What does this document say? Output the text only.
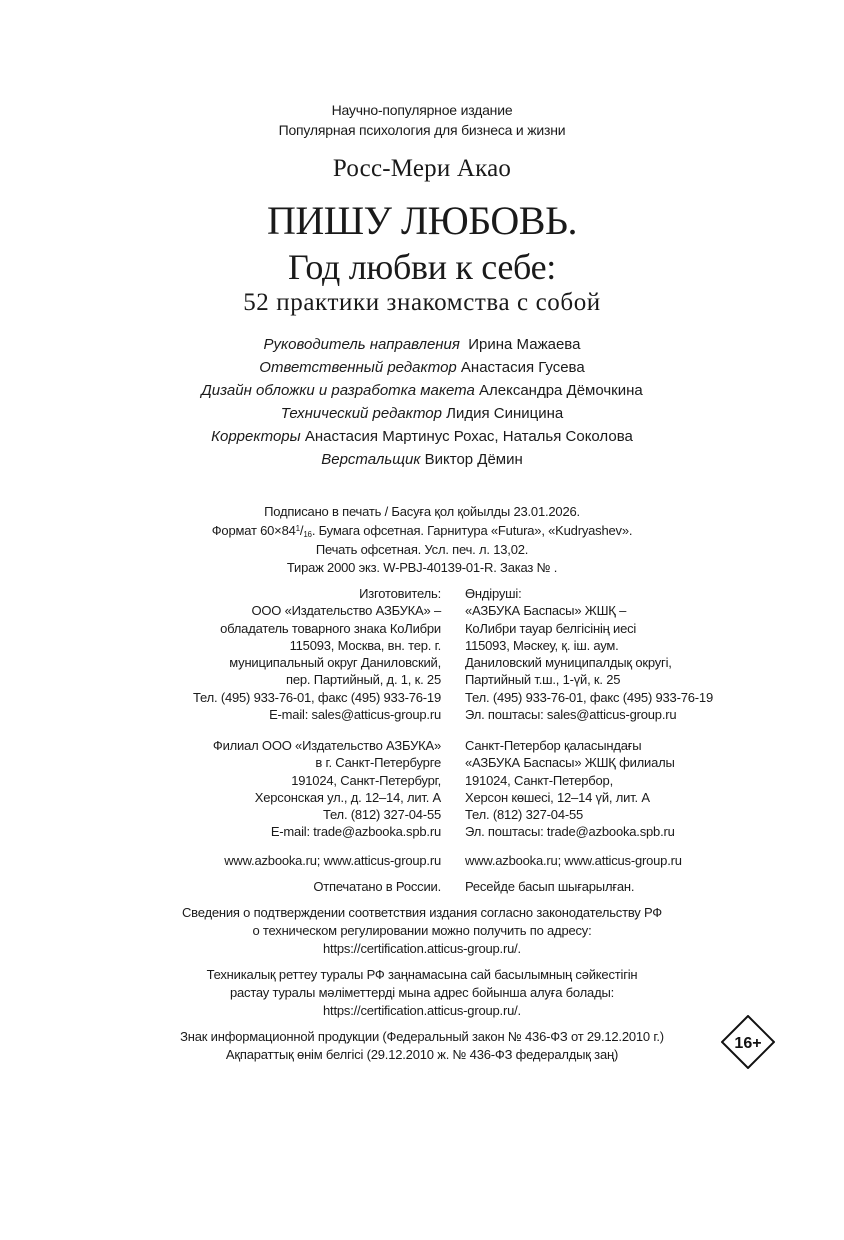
Научно-популярное издание
Популярная психология для бизнеса и жизни
Росс-Мери Акао
ПИШУ ЛЮБОВЬ.
Год любви к себе:
52 практики знакомства с собой
Руководитель направления Ирина Мажаева
Ответственный редактор Анастасия Гусева
Дизайн обложки и разработка макета Александра Дёмочкина
Технический редактор Лидия Синицина
Корректоры Анастасия Мартинус Рохас, Наталья Соколова
Верстальщик Виктор Дёмин
Подписано в печать / Басуға қол қойылды 23.01.2026.
Формат $60\times 84^1/_{16}$. Бумага офсетная. Гарнитура «Futura», «Kudryashev».
Печать офсетная. Усл. печ. л. 13,02.
Тираж 2000 экз. W-PBJ-40139-01-R. Заказ № .
Изготовитель:
ООО «Издательство АЗБУКА» –
обладатель товарного знака КоЛибри
115093, Москва, вн. тер. г.
муниципальный округ Даниловский,
пер. Партийный, д. 1, к. 25
Тел. (495) 933-76-01, факс (495) 933-76-19
E-mail: sales@atticus-group.ru
Өндіруші:
«АЗБУКА Баспасы» ЖШҚ –
КоЛибри тауар белгісінің иесі
115093, Мәскеу, қ. іш. аум.
Даниловский муниципалдық округі,
Партийный т.ш., 1-үй, к. 25
Тел. (495) 933-76-01, факс (495) 933-76-19
Эл. поштасы: sales@atticus-group.ru
Филиал ООО «Издательство АЗБУКА»
в г. Санкт-Петербурге
191024, Санкт-Петербург,
Херсонская ул., д. 12–14, лит. А
Тел. (812) 327-04-55
E-mail: trade@azbooka.spb.ru
Санкт-Петербор қаласындағы
«АЗБУКА Баспасы» ЖШҚ филиалы
191024, Санкт-Петербор,
Херсон көшесі, 12–14 үй, лит. А
Тел. (812) 327-04-55
Эл. поштасы: trade@azbooka.spb.ru
www.azbooka.ru; www.atticus-group.ru www.azbooka.ru; www.atticus-group.ru
Отпечатано в России. Ресейде басып шығарылған.
Сведения о подтверждении соответствия издания согласно законодательству РФ
о техническом регулировании можно получить по адресу:
https://certification.atticus-group.ru/.
Техникалық реттеу туралы РФ заңнамасына сай басылымның сәйкестігін
растау туралы мәліметтерді мына адрес бойынша алуға болады:
https://certification.atticus-group.ru/.
Знак информационной продукции (Федеральный закон № 436-ФЗ от 29.12.2010 г.)
Ақпараттық өнім белгісі (29.12.2010 ж. № 436-ФЗ федералдық заң)
16+
